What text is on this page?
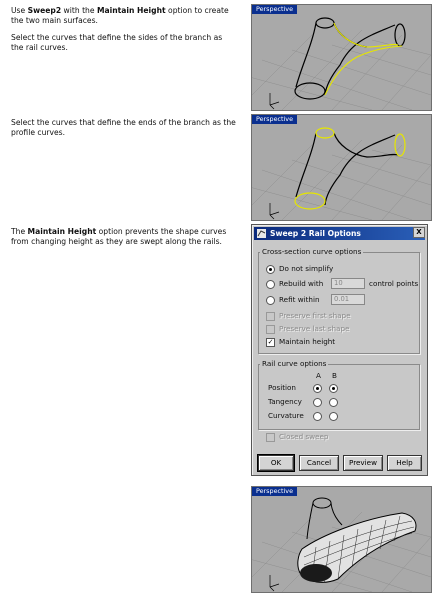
Use Sweep2 with the Maintain Height option to create the two main surfaces.

Select the curves that define the sides of the branch as the rail curves.

Select the curves that define the ends of the branch as the profile curves.

The Maintain Height option prevents the shape curves from changing height as they are swept along the rails.

Perspective
Perspective
Sweep 2 Rail Options	X
Cross-section curve options
Do not simplify
Rebuild with	10	control points
Refit within	0.01
Preserve first shape
Preserve last shape
✓ Maintain height
Rail curve options
A B
Position
Tangency
Curvature
Closed sweep
OK	Cancel	Preview	Help
Perspective
